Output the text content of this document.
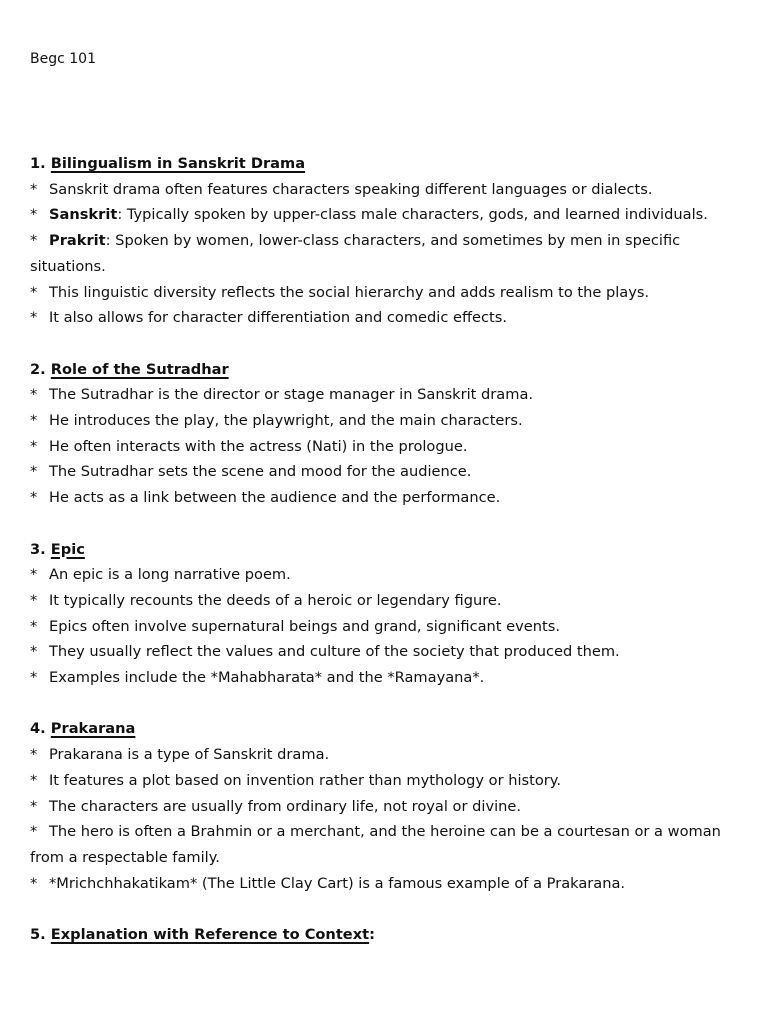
Begc 101

1. Bilingualism in Sanskrit Drama

* Sanskrit drama often features characters speaking different languages or dialects.

* Sanskrit: Typically spoken by upper-class male characters, gods, and learned individuals.

* Prakrit: Spoken by women, lower-class characters, and sometimes by men in specific

situations.

* This linguistic diversity reflects the social hierarchy and adds realism to the plays.

* It also allows for character differentiation and comedic effects.

2. Role of the Sutradhar

* The Sutradhar is the director or stage manager in Sanskrit drama.

* He introduces the play, the playwright, and the main characters.

* He often interacts with the actress (Nati) in the prologue.

* The Sutradhar sets the scene and mood for the audience.

* He acts as a link between the audience and the performance.

3. Epic

* An epic is a long narrative poem.

* It typically recounts the deeds of a heroic or legendary figure.

* Epics often involve supernatural beings and grand, significant events.

* They usually reflect the values and culture of the society that produced them.

* Examples include the *Mahabharata* and the *Ramayana*.

4. Prakarana

* Prakarana is a type of Sanskrit drama.

* It features a plot based on invention rather than mythology or history.

* The characters are usually from ordinary life, not royal or divine.

* The hero is often a Brahmin or a merchant, and the heroine can be a courtesan or a woman

from a respectable family.

* *Mrichchhakatikam* (The Little Clay Cart) is a famous example of a Prakarana.

5. Explanation with Reference to Context:
